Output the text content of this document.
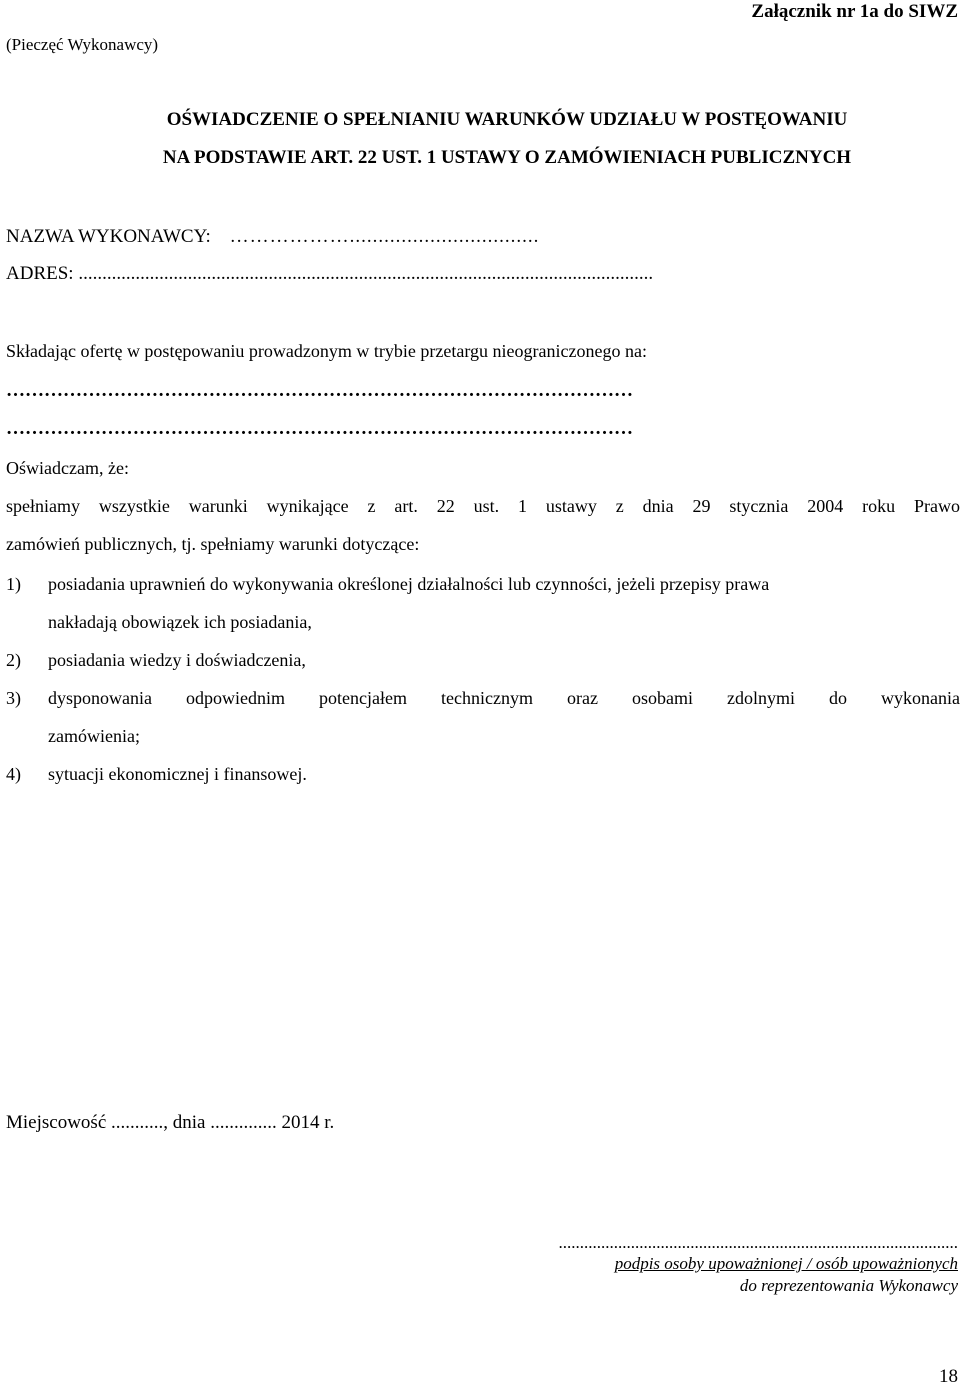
(Pieczęć Wykonawcy)
Załącznik nr 1a do SIWZ
OŚWIADCZENIE O SPEŁNIANIU WARUNKÓW UDZIAŁU W POSTĘOWANIU
NA PODSTAWIE ART. 22 UST. 1 USTAWY O ZAMÓWIENIACH PUBLICZNYCH
NAZWA WYKONAWCY: ……………….................................
ADRES: .........................................................................................................................
Składając ofertę w postępowaniu prowadzonym w trybie przetargu nieograniczonego na:
………………………………………………………………………………………
………………………………………………………………………………………
Oświadczam, że:
spełniamy wszystkie warunki wynikające z art. 22 ust. 1 ustawy z dnia 29 stycznia 2004 roku Prawo
zamówień publicznych, tj. spełniamy warunki dotyczące:
1) posiadania uprawnień do wykonywania określonej działalności lub czynności, jeżeli przepisy prawa
nakładają obowiązek ich posiadania,
2) posiadania wiedzy i doświadczenia,
3) dysponowania odpowiednim potencjałem technicznym oraz osobami zdolnymi do wykonania
zamówienia;
4) sytuacji ekonomicznej i finansowej.
Miejscowość ..........., dnia .............. 2014 r.
..............................................................................................
podpis osoby upoważnionej / osób upoważnionych
do reprezentowania Wykonawcy
18
